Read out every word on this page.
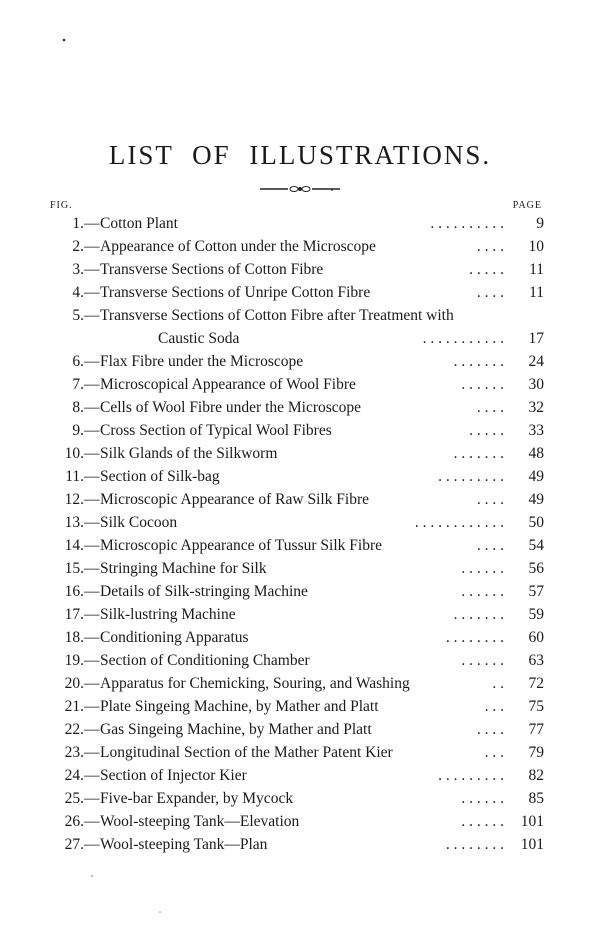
LIST OF ILLUSTRATIONS.
FIG.	PAGE
1. — Cotton Plant	. . . . . . . . . .	9
2. — Appearance of Cotton under the Microscope	. . . .	10
3. — Transverse Sections of Cotton Fibre	. . . . .	11
4. — Transverse Sections of Unripe Cotton Fibre	. . . .	11
5. — Transverse Sections of Cotton Fibre after Treatment with
Caustic Soda	. . . . . . . . . . .	17
6. — Flax Fibre under the Microscope	. . . . . . .	24
7. — Microscopical Appearance of Wool Fibre	. . . . . .	30
8. — Cells of Wool Fibre under the Microscope	. . . .	32
9. — Cross Section of Typical Wool Fibres	. . . . .	33
10. — Silk Glands of the Silkworm	. . . . . . .	48
11. — Section of Silk-bag	. . . . . . . . .	49
12. — Microscopic Appearance of Raw Silk Fibre	. . . .	49
13. — Silk Cocoon	. . . . . . . . . . . .	50
14. — Microscopic Appearance of Tussur Silk Fibre	. . . .	54
15. — Stringing Machine for Silk	. . . . . .	56
16. — Details of Silk-stringing Machine	. . . . . .	57
17. — Silk-lustring Machine	. . . . . . .	59
18. — Conditioning Apparatus	. . . . . . . .	60
19. — Section of Conditioning Chamber	. . . . . .	63
20. — Apparatus for Chemicking, Souring, and Washing	. .	72
21. — Plate Singeing Machine, by Mather and Platt	. . .	75
22. — Gas Singeing Machine, by Mather and Platt	. . . .	77
23. — Longitudinal Section of the Mather Patent Kier	. . .	79
24. — Section of Injector Kier	. . . . . . . . .	82
25. — Five-bar Expander, by Mycock	. . . . . .	85
26. — Wool-steeping Tank—Elevation	. . . . . .	101
27. — Wool-steeping Tank—Plan	. . . . . . . .	101
